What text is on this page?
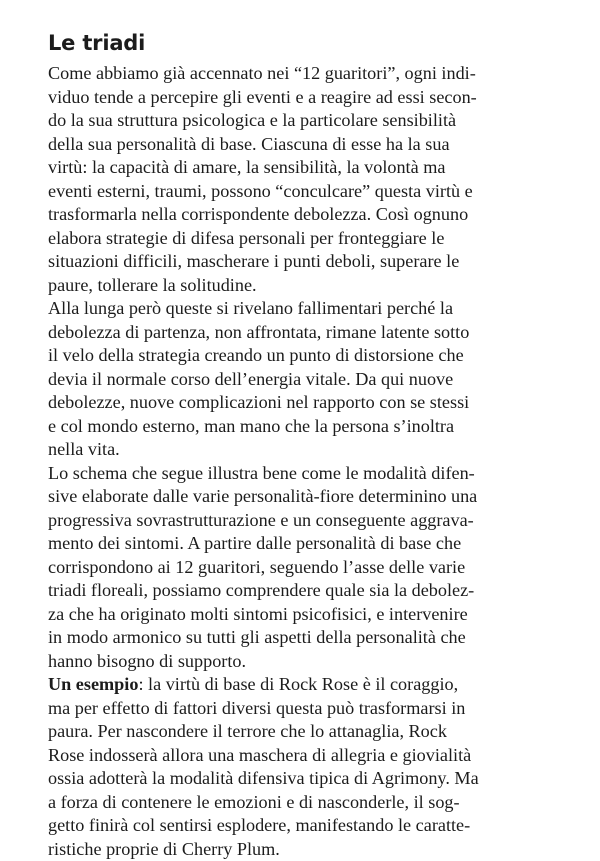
Le triadi
Come abbiamo già accennato nei “12 guaritori”, ogni indi-
viduo tende a percepire gli eventi e a reagire ad essi secon-
do la sua struttura psicologica e la particolare sensibilità
della sua personalità di base. Ciascuna di esse ha la sua
virtù: la capacità di amare, la sensibilità, la volontà ma
eventi esterni, traumi, possono “conculcare” questa virtù e
trasformarla nella corrispondente debolezza. Così ognuno
elabora strategie di difesa personali per fronteggiare le
situazioni difficili, mascherare i punti deboli, superare le
paure, tollerare la solitudine.
Alla lunga però queste si rivelano fallimentari perché la
debolezza di partenza, non affrontata, rimane latente sotto
il velo della strategia creando un punto di distorsione che
devia il normale corso dell’energia vitale. Da qui nuove
debolezze, nuove complicazioni nel rapporto con se stessi
e col mondo esterno, man mano che la persona s’inoltra
nella vita.
Lo schema che segue illustra bene come le modalità difen-
sive elaborate dalle varie personalità-fiore determinino una
progressiva sovrastrutturazione e un conseguente aggrava-
mento dei sintomi. A partire dalle personalità di base che
corrispondono ai 12 guaritori, seguendo l’asse delle varie
triadi floreali, possiamo comprendere quale sia la debolez-
za che ha originato molti sintomi psicofisici, e intervenire
in modo armonico su tutti gli aspetti della personalità che
hanno bisogno di supporto.
Un esempio: la virtù di base di Rock Rose è il coraggio,
ma per effetto di fattori diversi questa può trasformarsi in
paura. Per nascondere il terrore che lo attanaglia, Rock
Rose indosserà allora una maschera di allegria e giovialità
ossia adotterà la modalità difensiva tipica di Agrimony. Ma
a forza di contenere le emozioni e di nasconderle, il sog-
getto finirà col sentirsi esplodere, manifestando le caratte-
ristiche proprie di Cherry Plum.
